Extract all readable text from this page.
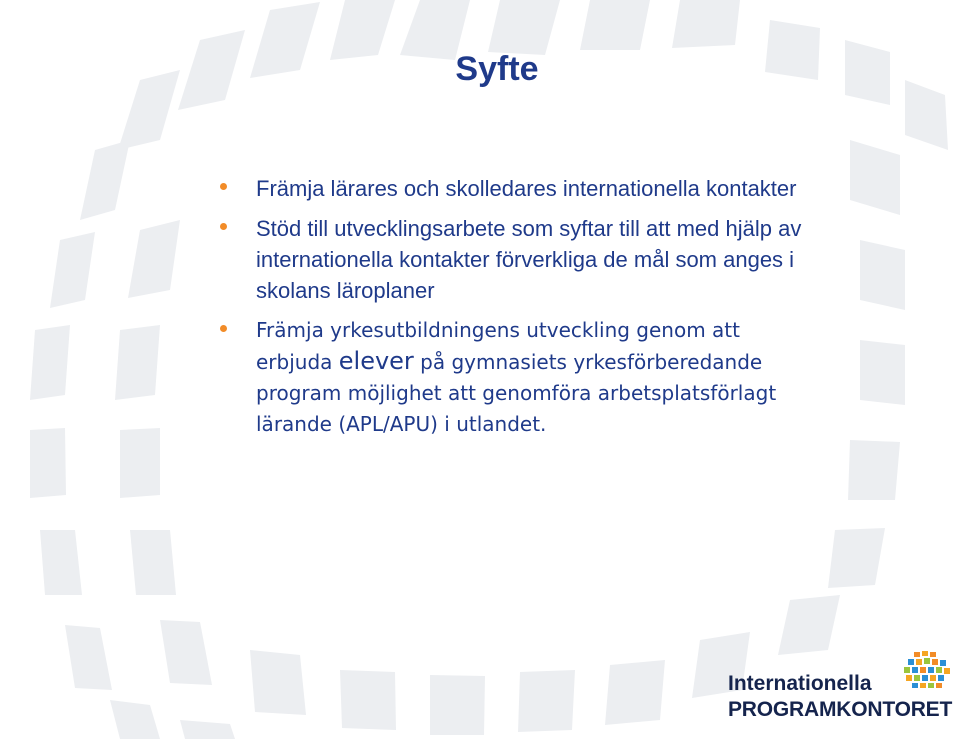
Syfte
Främja lärares och skolledares internationella kontakter
Stöd till utvecklingsarbete som syftar till att med hjälp av internationella kontakter förverkliga de mål som anges i skolans läroplaner
Främja yrkesutbildningens utveckling genom att erbjuda elever på gymnasiets yrkesförberedande program möjlighet att genomföra arbetsplatsförlagt lärande (APL/APU) i utlandet.
Internationella
PROGRAMKONTORET
